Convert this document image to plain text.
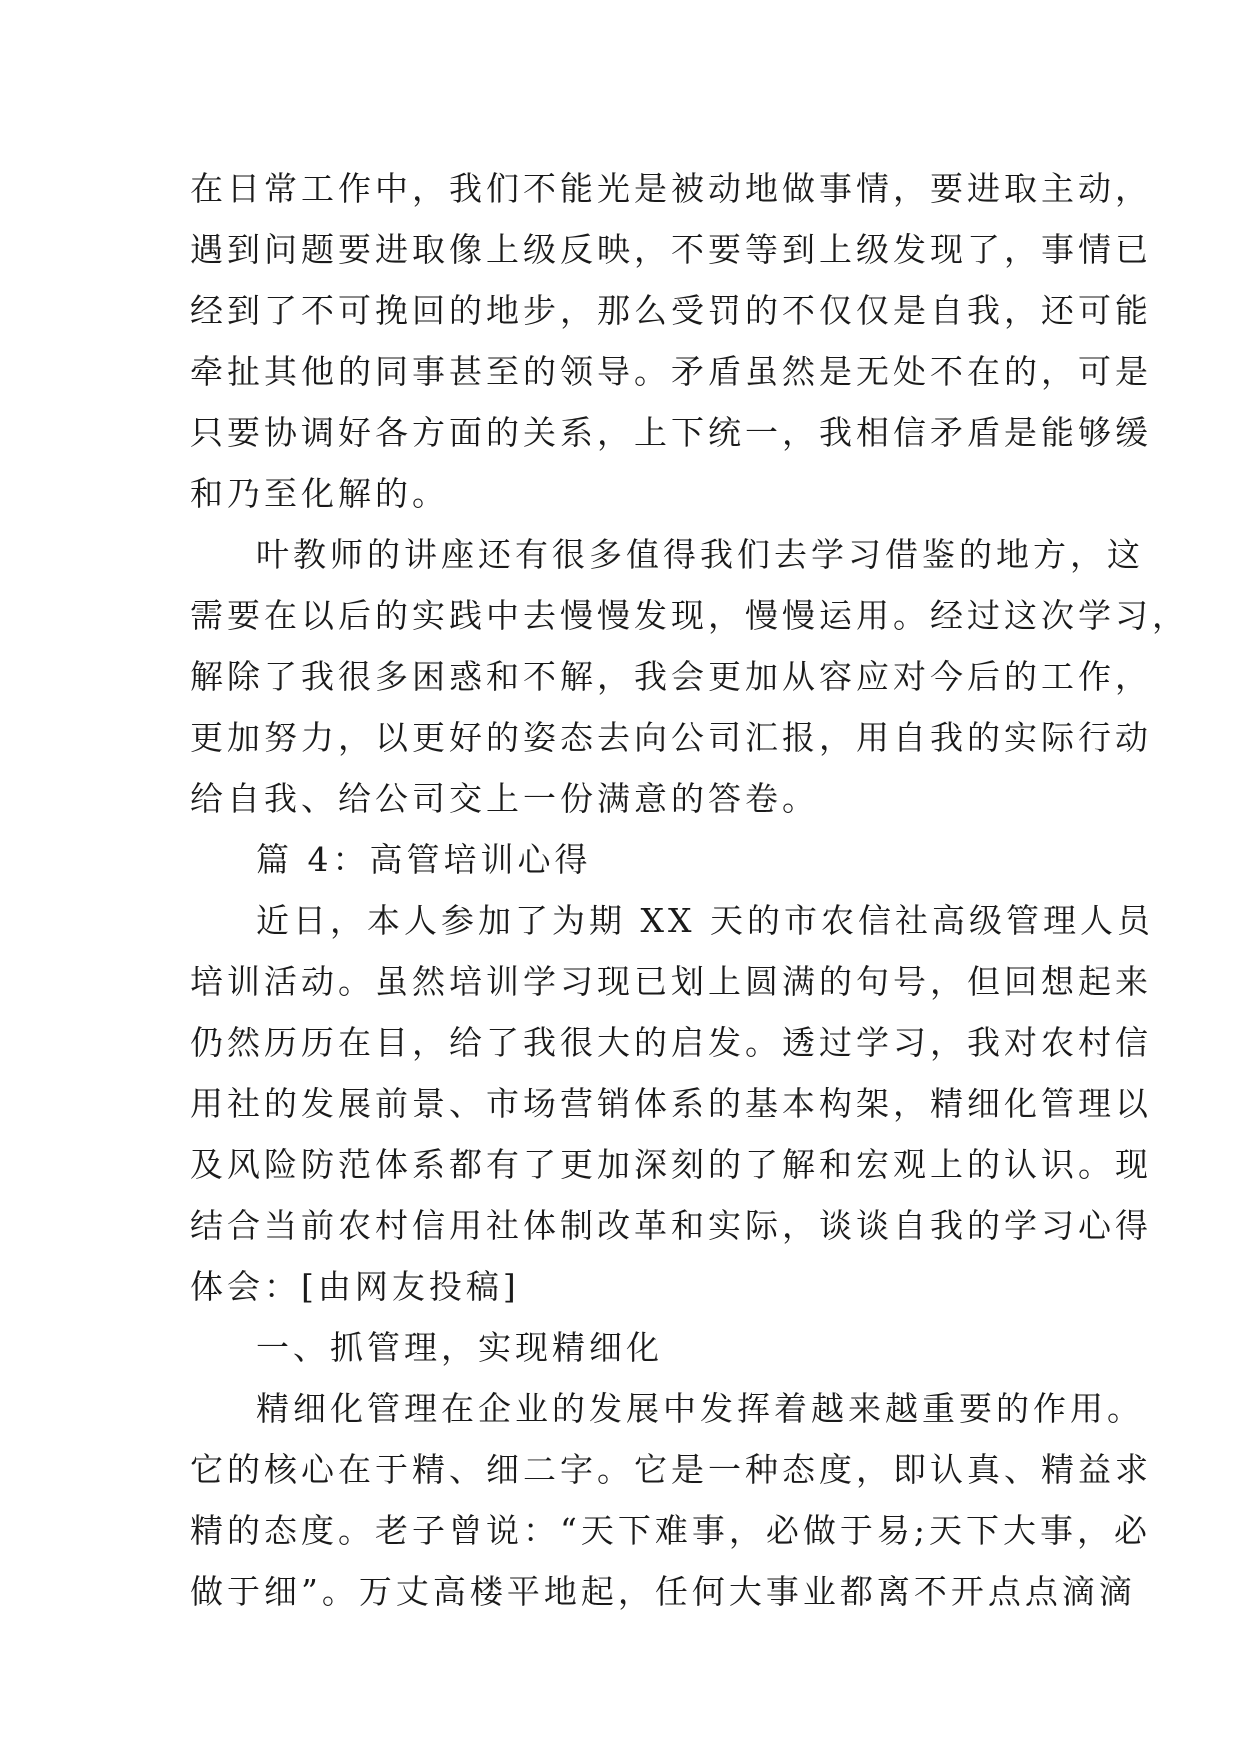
在日常工作中，我们不能光是被动地做事情，要进取主动，
遇到问题要进取像上级反映，不要等到上级发现了，事情已
经到了不可挽回的地步，那么受罚的不仅仅是自我，还可能
牵扯其他的同事甚至的领导。矛盾虽然是无处不在的，可是
只要协调好各方面的关系，上下统一，我相信矛盾是能够缓
和乃至化解的。
叶教师的讲座还有很多值得我们去学习借鉴的地方，这
需要在以后的实践中去慢慢发现，慢慢运用。经过这次学习，
解除了我很多困惑和不解，我会更加从容应对今后的工作，
更加努力，以更好的姿态去向公司汇报，用自我的实际行动
给自我、给公司交上一份满意的答卷。
篇 4：高管培训心得
近日，本人参加了为期 XX 天的市农信社高级管理人员
培训活动。虽然培训学习现已划上圆满的句号，但回想起来
仍然历历在目，给了我很大的启发。透过学习，我对农村信
用社的发展前景、市场营销体系的基本构架，精细化管理以
及风险防范体系都有了更加深刻的了解和宏观上的认识。现
结合当前农村信用社体制改革和实际，谈谈自我的学习心得
体会：[由网友投稿]
一、抓管理，实现精细化
精细化管理在企业的发展中发挥着越来越重要的作用。
它的核心在于精、细二字。它是一种态度，即认真、精益求
精的态度。老子曾说：“天下难事，必做于易;天下大事，必
做于细”。万丈高楼平地起，任何大事业都离不开点点滴滴
